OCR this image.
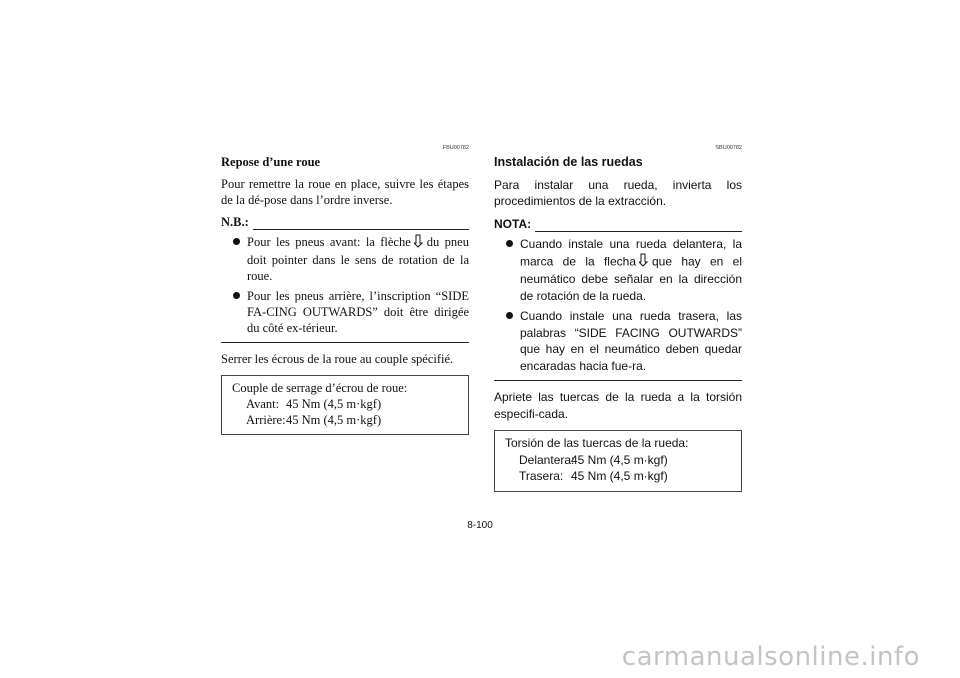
FBU00782
Repose d’une roue

Pour remettre la roue en place, suivre les étapes de la dé-pose dans l’ordre inverse.

N.B.:
Pour les pneus avant: la flèche du pneu doit pointer dans le sens de rotation de la roue.
Pour les pneus arrière, l’inscription “SIDE FA-CING OUTWARDS” doit être dirigée du côté ex-térieur.

Serrer les écrous de la roue au couple spécifié.

Couple de serrage d’écrou de roue:
Avant: 45 Nm (4,5 m·kgf)
Arrière: 45 Nm (4,5 m·kgf)
SBU00782
Instalación de las ruedas

Para instalar una rueda, invierta los procedimientos de la extracción.

NOTA:
Cuando instale una rueda delantera, la marca de la flecha que hay en el neumático debe señalar en la dirección de rotación de la rueda.
Cuando instale una rueda trasera, las palabras “SIDE FACING OUTWARDS” que hay en el neumático deben quedar encaradas hacia fue-ra.

Apriete las tuercas de la rueda a la torsión especifi-cada.

Torsión de las tuercas de la rueda:
Delantera:
45 Nm (4,5 m·kgf)
Trasera: 45 Nm (4,5 m·kgf)
8-100
carmanualsonline.info
